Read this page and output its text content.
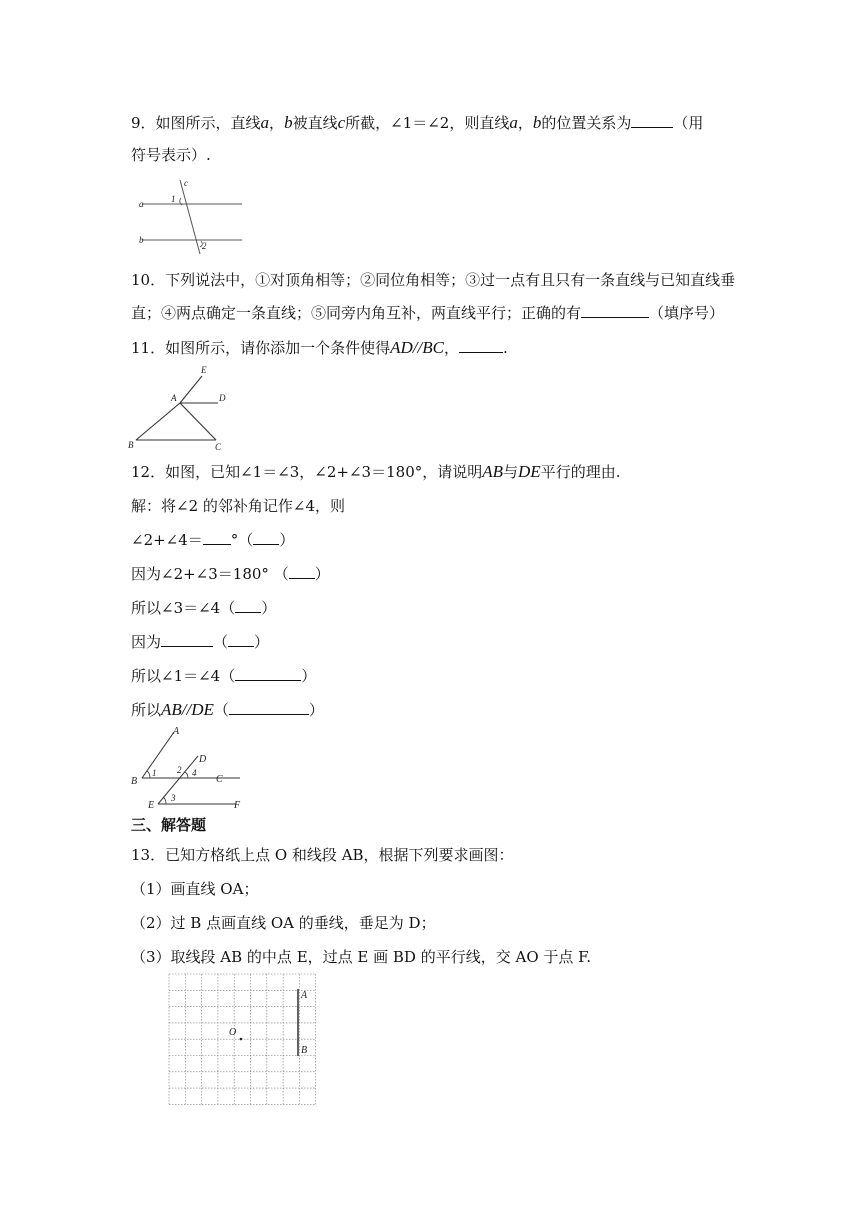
9．如图所示，直线a，b被直线c所截，∠1＝∠2，则直线a，b的位置关系为	（用
符号表示）.
c
a
b
1
2
10．下列说法中，①对顶角相等；②同位角相等；③过一点有且只有一条直线与已知直线垂
直；④两点确定一条直线；⑤同旁内角互补，两直线平行；正确的有	（填序号）
11．如图所示，请你添加一个条件使得AD//BC，	.
E
A	D
B	C
12．如图，已知∠1＝∠3，∠2+∠3＝180°，请说明AB与DE平行的理由.
解：将∠2 的邻补角记作∠4，则
∠2+∠4＝ °（ ）
因为∠2+∠3＝180° （ ）
所以∠3＝∠4（ ）
因为	（ ）
所以∠1＝∠4（	）
所以AB//DE（	）
A
D
B	C
E	F
1 2
3
4
三、解答题
13．已知方格纸上点 O 和线段 AB，根据下列要求画图：
（1）画直线 OA；
（2）过 B 点画直线 OA 的垂线，垂足为 D；
（3）取线段 AB 的中点 E，过点 E 画 BD 的平行线，交 AO 于点 F.
O
A
B
